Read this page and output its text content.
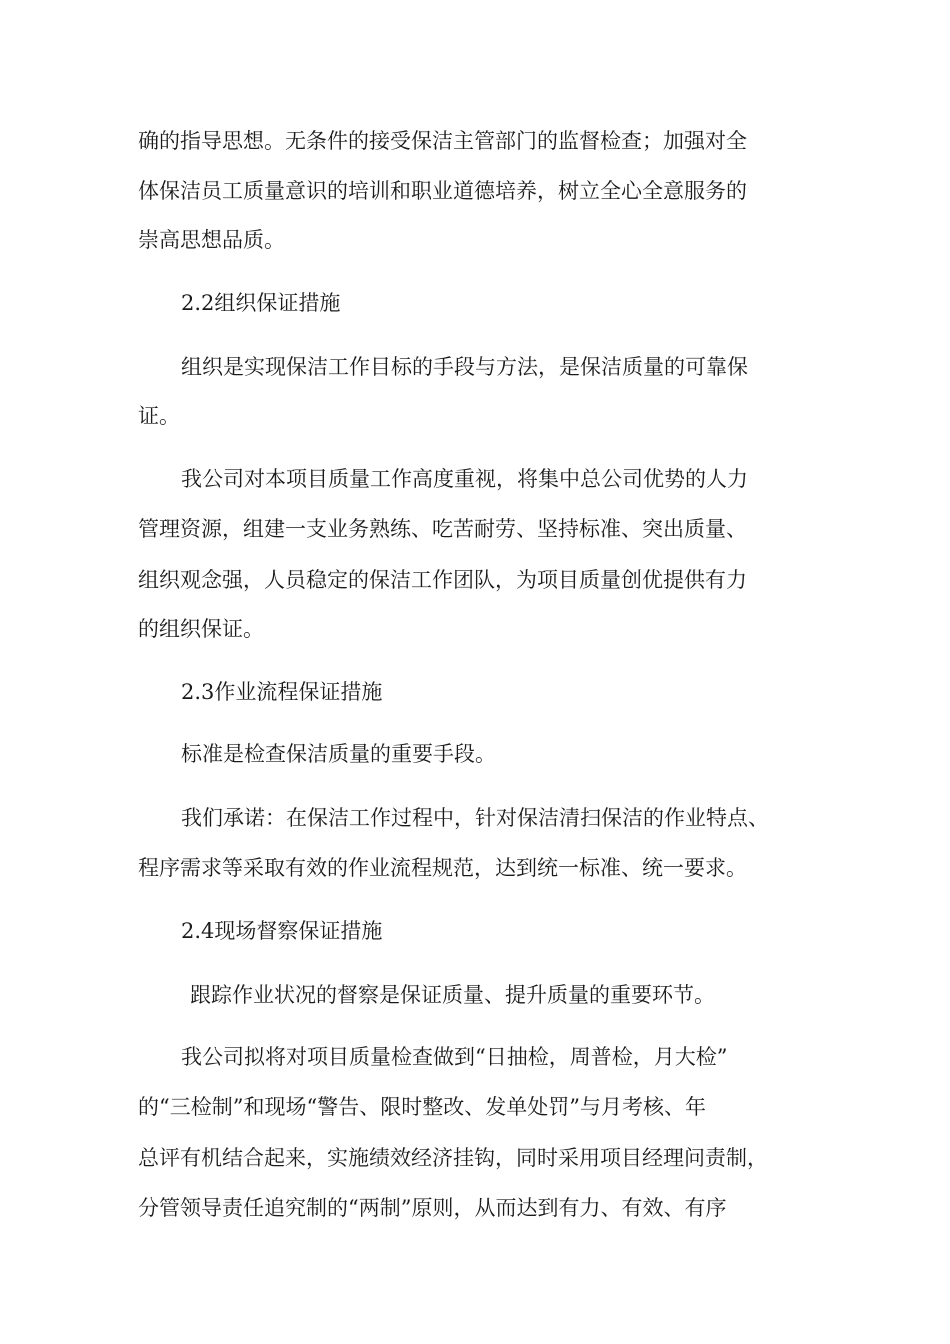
确的指导思想。无条件的接受保洁主管部门的监督检查；加强对全
体保洁员工质量意识的培训和职业道德培养，树立全心全意服务的
崇高思想品质。
2.2组织保证措施
组织是实现保洁工作目标的手段与方法，是保洁质量的可靠保
证。
我公司对本项目质量工作高度重视，将集中总公司优势的人力
管理资源，组建一支业务熟练、吃苦耐劳、坚持标准、突出质量、
组织观念强，人员稳定的保洁工作团队，为项目质量创优提供有力
的组织保证。
2.3作业流程保证措施
标准是检查保洁质量的重要手段。
我们承诺：在保洁工作过程中，针对保洁清扫保洁的作业特点、
程序需求等采取有效的作业流程规范，达到统一标准、统一要求。
2.4现场督察保证措施
跟踪作业状况的督察是保证质量、提升质量的重要环节。
我公司拟将对项目质量检查做到“日抽检，周普检，月大检”
的“三检制”和现场“警告、限时整改、发单处罚”与月考核、年
总评有机结合起来，实施绩效经济挂钩，同时采用项目经理问责制，
分管领导责任追究制的“两制”原则，从而达到有力、有效、有序
